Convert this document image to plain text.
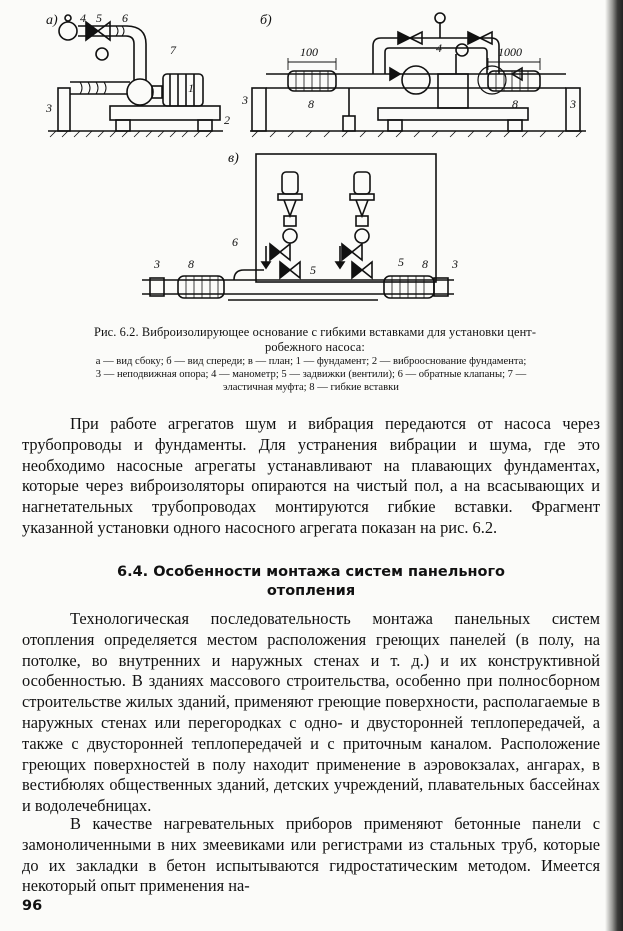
а)	б)
в)
100	1000
1
2
3
4 5 6
7
3	8
4
8	3
6
5
5
3 8	8 3
Рис. 6.2. Виброизолирующее оснoвание с гибкими вставками для установки цент-
робежного насоса:
а — вид сбоку; б — вид спереди; в — план; 1 — фундамент; 2 — виброоснование фундамента;
3 — неподвижная опора; 4 — манометр; 5 — задвижки (вентили); 6 — обратные клапаны; 7 —
эластичная муфта; 8 — гибкие вставки
При работе агрегатов шум и вибрация передаются от насоса через трубопроводы и фундаменты. Для устранения вибрации и шума, где это необходимо насосные агрегаты устанавливают на плавающих фундаментах, которые через виброизоляторы опираются на чистый пол, а на всасывающих и нагнетательных трубопроводах монтируются гибкие вставки. Фрагмент указанной установки одного насосного агрегата показан на рис. 6.2.
6.4. Особенности монтажа систем панельного
отопления
Технологическая последовательность монтажа панельных систем отопления определяется местом расположения греющих панелей (в полу, на потолке, во внутренних и наружных стенах и т. д.) и их конструктивной особенностью. В зданиях массового строительства, особенно при полносборном строительстве жилых зданий, применяют греющие поверхности, располагаемые в наружных стенах или перегородках с одно- и двусторонней теплопередачей, а также с двусторонней теплопередачей и с приточным каналом. Расположение греющих поверхностей в полу находит применение в аэровокзалах, ангарах, в вестибюлях общественных зданий, детских учреждений, плавательных бассейнах и водолечебницах.
В качестве нагревательных приборов применяют бетонные панели с замоноличенными в них змеевиками или регистрами из стальных труб, которые до их закладки в бетон испытываются гидростатическим методом. Имеется некоторый опыт применения на-
96
